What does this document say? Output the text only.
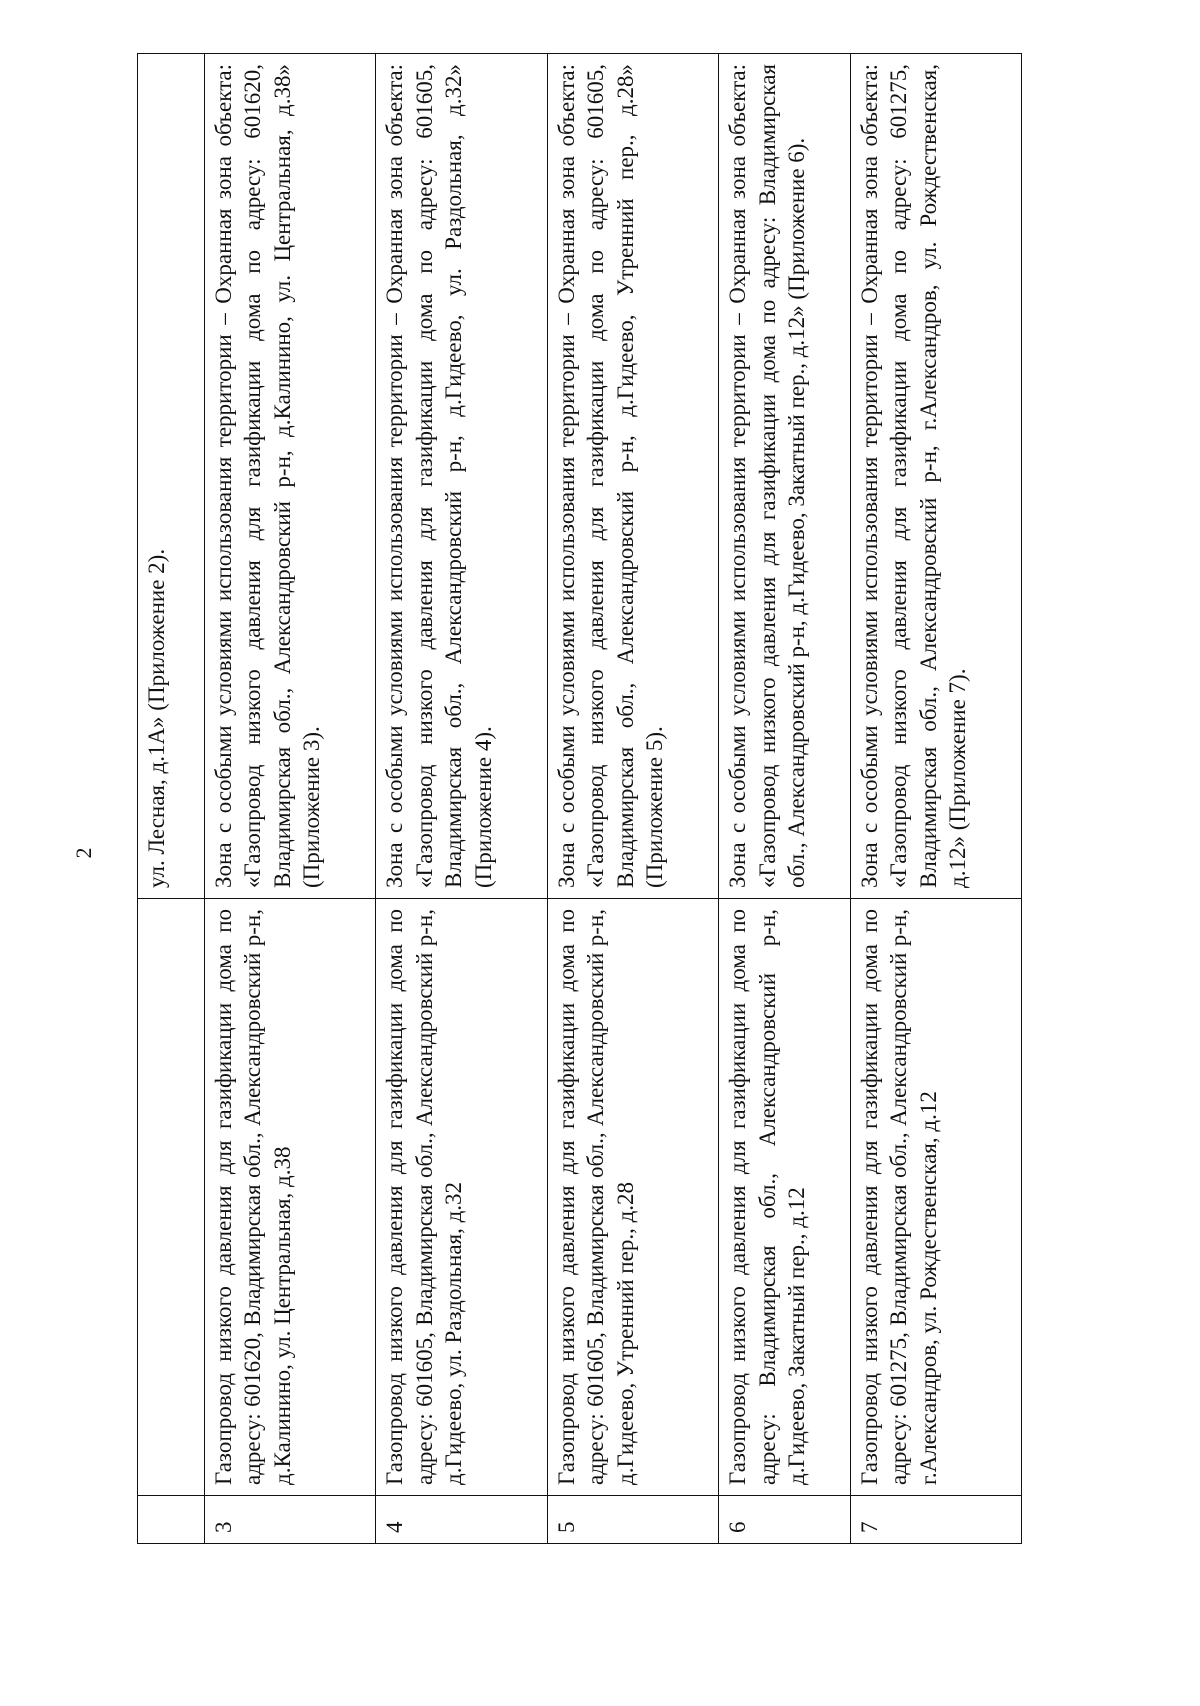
2
		ул. Лесная, д.1А» (Приложение 2).
3	Газопровод низкого давления для газификации дома по адресу: 601620, Владимирская обл., Александровский р-н, д.Калинино, ул. Центральная, д.38	Зона с особыми условиями использования территории – Охранная зона объекта: «Газопровод низкого давления для газификации дома по адресу: 601620, Владимирская обл., Александровский р-н, д.Калинино, ул. Центральная, д.38» (Приложение 3).
4	Газопровод низкого давления для газификации дома по адресу: 601605, Владимирская обл., Александровский р-н, д.Гидеево, ул. Раздольная, д.32	Зона с особыми условиями использования территории – Охранная зона объекта: «Газопровод низкого давления для газификации дома по адресу: 601605, Владимирская обл., Александровский р-н, д.Гидеево, ул. Раздольная, д.32» (Приложение 4).
5	Газопровод низкого давления для газификации дома по адресу: 601605, Владимирская обл., Александровский р-н, д.Гидеево, Утренний пер., д.28	Зона с особыми условиями использования территории – Охранная зона объекта: «Газопровод низкого давления для газификации дома по адресу: 601605, Владимирская обл., Александровский р-н, д.Гидеево, Утренний пер., д.28» (Приложение 5).
6	Газопровод низкого давления для газификации дома по адресу: Владимирская обл., Александровский р-н, д.Гидеево, Закатный пер., д.12	Зона с особыми условиями использования территории – Охранная зона объекта: «Газопровод низкого давления для газификации дома по адресу: Владимирская обл., Александровский р-н, д.Гидеево, Закатный пер., д.12» (Приложение 6).
7	Газопровод низкого давления для газификации дома по адресу: 601275, Владимирская обл., Александровский р-н, г.Александров, ул. Рождественская, д.12	Зона с особыми условиями использования территории – Охранная зона объекта: «Газопровод низкого давления для газификации дома по адресу: 601275, Владимирская обл., Александровский р-н, г.Александров, ул. Рождественская, д.12» (Приложение 7).
